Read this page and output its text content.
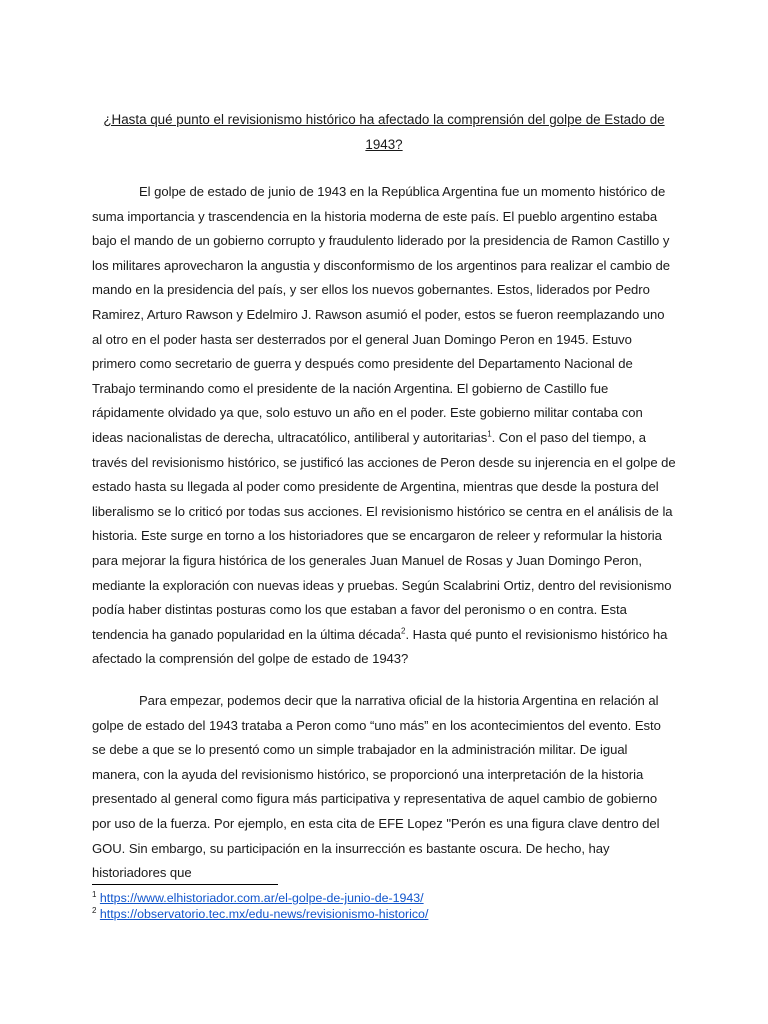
¿Hasta qué punto el revisionismo histórico ha afectado la comprensión del golpe de Estado de 1943?

El golpe de estado de junio de 1943 en la República Argentina fue un momento histórico de suma importancia y trascendencia en la historia moderna de este país. El pueblo argentino estaba bajo el mando de un gobierno corrupto y fraudulento liderado por la presidencia de Ramon Castillo y los militares aprovecharon la angustia y disconformismo de los argentinos para realizar el cambio de mando en la presidencia del país, y ser ellos los nuevos gobernantes. Estos, liderados por Pedro Ramirez, Arturo Rawson y Edelmiro J. Rawson asumió el poder, estos se fueron reemplazando uno al otro en el poder hasta ser desterrados por el general Juan Domingo Peron en 1945. Estuvo primero como secretario de guerra y después como presidente del Departamento Nacional de Trabajo terminando como el presidente de la nación Argentina. El gobierno de Castillo fue rápidamente olvidado ya que, solo estuvo un año en el poder. Este gobierno militar contaba con ideas nacionalistas de derecha, ultracatólico, antiliberal y autoritarias$^1$. Con el paso del tiempo, a través del revisionismo histórico, se justificó las acciones de Peron desde su injerencia en el golpe de estado hasta su llegada al poder como presidente de Argentina, mientras que desde la postura del liberalismo se lo criticó por todas sus acciones. El revisionismo histórico se centra en el análisis de la historia. Este surge en torno a los historiadores que se encargaron de releer y reformular la historia para mejorar la figura histórica de los generales Juan Manuel de Rosas y Juan Domingo Peron, mediante la exploración con nuevas ideas y pruebas. Según Scalabrini Ortiz, dentro del revisionismo podía haber distintas posturas como los que estaban a favor del peronismo o en contra. Esta tendencia ha ganado popularidad en la última década$^2$. Hasta qué punto el revisionismo histórico ha afectado la comprensión del golpe de estado de 1943?

Para empezar, podemos decir que la narrativa oficial de la historia Argentina en relación al golpe de estado del 1943 trataba a Peron como “uno más” en los acontecimientos del evento. Esto se debe a que se lo presentó como un simple trabajador en la administración militar. De igual manera, con la ayuda del revisionismo histórico, se proporcionó una interpretación de la historia presentado al general como figura más participativa y representativa de aquel cambio de gobierno por uso de la fuerza. Por ejemplo, en esta cita de EFE Lopez "Perón es una figura clave dentro del GOU. Sin embargo, su participación en la insurrección es bastante oscura. De hecho, hay historiadores que

$^1$ https://www.elhistoriador.com.ar/el-golpe-de-junio-de-1943/
$^2$ https://observatorio.tec.mx/edu-news/revisionismo-historico/
